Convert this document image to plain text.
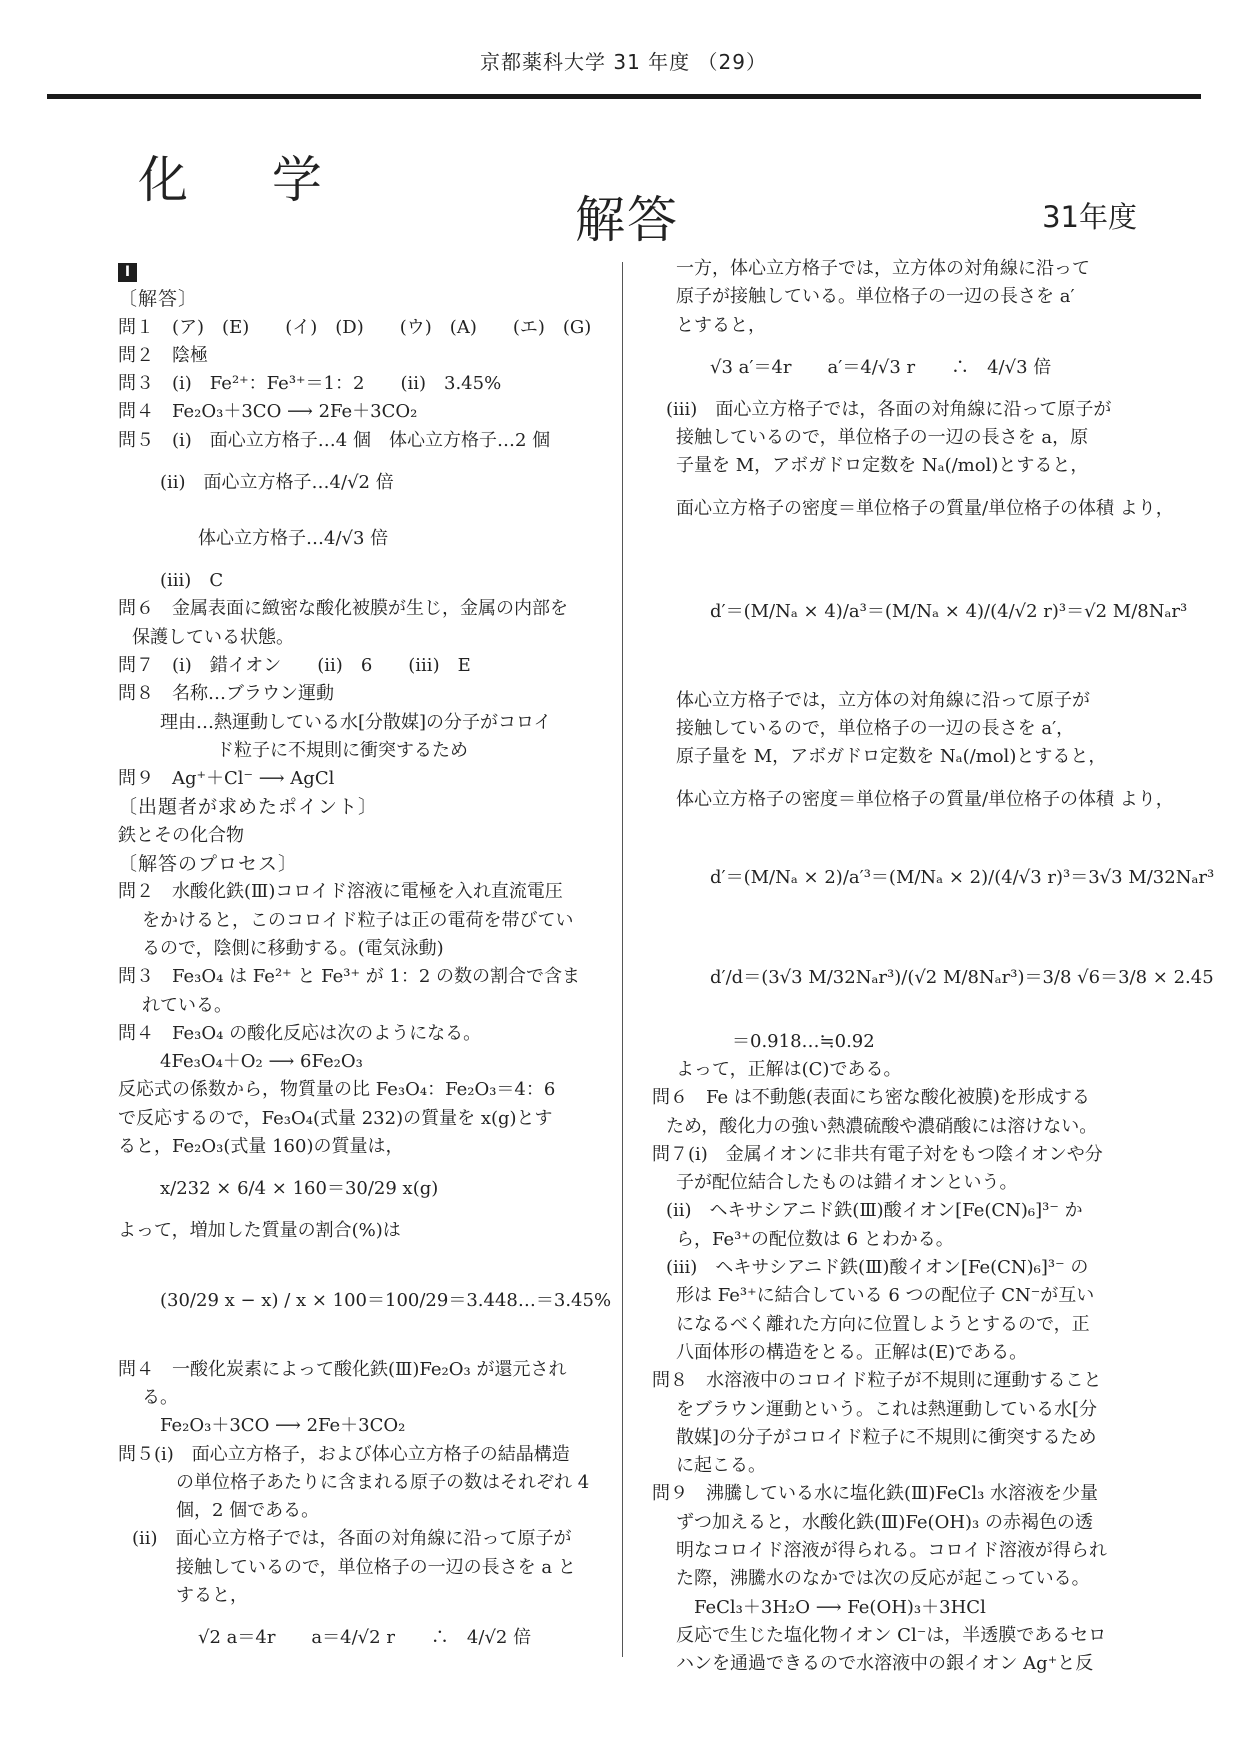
京都薬科大学 31 年度 （29）
化 学
解答	31年度
I
〔解答〕
問１　(ア)　(E)　　(イ)　(D)　　(ウ)　(A)　　(エ)　(G)
問２　陰極
問３　(i)　Fe²⁺：Fe³⁺＝1：2　　(ii)　3.45%
問４　Fe₂O₃＋3CO ⟶ 2Fe＋3CO₂
問５　(i)　面心立方格子…4 個　体心立方格子…2 個
(ii)　面心立方格子…4/√2 倍
体心立方格子…4/√3 倍
(iii)　C
問６　金属表面に緻密な酸化被膜が生じ，金属の内部を
保護している状態。
問７　(i)　錯イオン　　(ii)　6　　(iii)　E
問８　名称…ブラウン運動
理由…熱運動している水[分散媒]の分子がコロイ
ド粒子に不規則に衝突するため
問９　Ag⁺＋Cl⁻ ⟶ AgCl
〔出題者が求めたポイント〕
鉄とその化合物
〔解答のプロセス〕
問２　水酸化鉄(Ⅲ)コロイド溶液に電極を入れ直流電圧
をかけると，このコロイド粒子は正の電荷を帯びてい
るので，陰側に移動する。(電気泳動)
問３　Fe₃O₄ は Fe²⁺ と Fe³⁺ が 1：2 の数の割合で含ま
れている。
問４　Fe₃O₄ の酸化反応は次のようになる。
4Fe₃O₄＋O₂ ⟶ 6Fe₂O₃
反応式の係数から，物質量の比 Fe₃O₄：Fe₂O₃＝4：6
で反応するので，Fe₃O₄(式量 232)の質量を x(g)とす
ると，Fe₂O₃(式量 160)の質量は，
x/232 × 6/4 × 160＝30/29 x(g)
よって，増加した質量の割合(%)は
(30/29 x − x) / x × 100＝100/29＝3.448…＝3.45%
問４　一酸化炭素によって酸化鉄(Ⅲ)Fe₂O₃ が還元され
る。
Fe₂O₃＋3CO ⟶ 2Fe＋3CO₂
問５(i)　面心立方格子，および体心立方格子の結晶構造
の単位格子あたりに含まれる原子の数はそれぞれ 4
個，2 個である。
(ii)　面心立方格子では，各面の対角線に沿って原子が
接触しているので，単位格子の一辺の長さを a と
すると，
√2 a＝4r　　a＝4/√2 r　　∴　4/√2 倍
一方，体心立方格子では，立方体の対角線に沿って
原子が接触している。単位格子の一辺の長さを a′
とすると，
√3 a′＝4r　　a′＝4/√3 r　　∴　4/√3 倍
(iii)　面心立方格子では，各面の対角線に沿って原子が
接触しているので，単位格子の一辺の長さを a，原
子量を M，アボガドロ定数を Nₐ(/mol)とすると，
面心立方格子の密度＝単位格子の質量/単位格子の体積 より，
d′＝(M/Nₐ × 4)/a³＝(M/Nₐ × 4)/(4/√2 r)³＝√2 M/8Nₐr³
体心立方格子では，立方体の対角線に沿って原子が
接触しているので，単位格子の一辺の長さを a′，
原子量を M，アボガドロ定数を Nₐ(/mol)とすると，
体心立方格子の密度＝単位格子の質量/単位格子の体積 より，
d′＝(M/Nₐ × 2)/a′³＝(M/Nₐ × 2)/(4/√3 r)³＝3√3 M/32Nₐr³
d′/d＝(3√3 M/32Nₐr³)/(√2 M/8Nₐr³)＝3/8 √6＝3/8 × 2.45
＝0.918…≒0.92
よって，正解は(C)である。
問６　Fe は不動態(表面にち密な酸化被膜)を形成する
ため，酸化力の強い熱濃硫酸や濃硝酸には溶けない。
問７(i)　金属イオンに非共有電子対をもつ陰イオンや分
子が配位結合したものは錯イオンという。
(ii)　ヘキサシアニド鉄(Ⅲ)酸イオン[Fe(CN)₆]³⁻ か
ら，Fe³⁺の配位数は 6 とわかる。
(iii)　ヘキサシアニド鉄(Ⅲ)酸イオン[Fe(CN)₆]³⁻ の
形は Fe³⁺に結合している 6 つの配位子 CN⁻が互い
になるべく離れた方向に位置しようとするので，正
八面体形の構造をとる。正解は(E)である。
問８　水溶液中のコロイド粒子が不規則に運動すること
をブラウン運動という。これは熱運動している水[分
散媒]の分子がコロイド粒子に不規則に衝突するため
に起こる。
問９　沸騰している水に塩化鉄(Ⅲ)FeCl₃ 水溶液を少量
ずつ加えると，水酸化鉄(Ⅲ)Fe(OH)₃ の赤褐色の透
明なコロイド溶液が得られる。コロイド溶液が得られ
た際，沸騰水のなかでは次の反応が起こっている。
FeCl₃＋3H₂O ⟶ Fe(OH)₃＋3HCl
反応で生じた塩化物イオン Cl⁻は，半透膜であるセロ
ハンを通過できるので水溶液中の銀イオン Ag⁺と反
